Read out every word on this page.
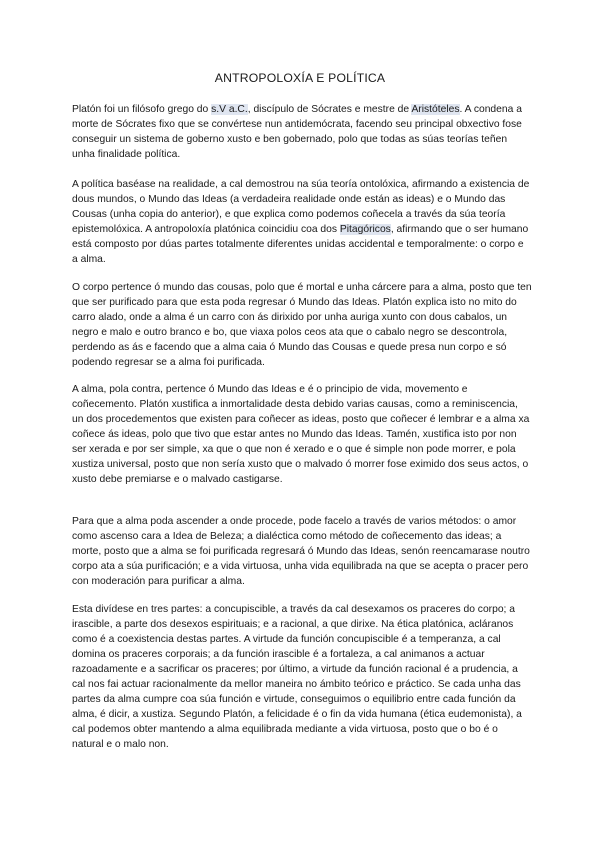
ANTROPOLOXÍA E POLÍTICA

Platón foi un filósofo grego do s.V a.C., discípulo de Sócrates e mestre de Aristóteles. A condena a morte de Sócrates fixo que se convértese nun antidemócrata, facendo seu principal obxectivo fose conseguir un sistema de goberno xusto e ben gobernado, polo que todas as súas teorías teñen unha finalidade política.

A política baséase na realidade, a cal demostrou na súa teoría ontolóxica, afirmando a existencia de dous mundos, o Mundo das Ideas (a verdadeira realidade onde están as ideas) e o Mundo das Cousas (unha copia do anterior), e que explica como podemos coñecela a través da súa teoría epistemolóxica. A antropoloxía platónica coincidiu coa dos Pitagóricos, afirmando que o ser humano está composto por dúas partes totalmente diferentes unidas accidental e temporalmente: o corpo e a alma.

O corpo pertence ó mundo das cousas, polo que é mortal e unha cárcere para a alma, posto que ten que ser purificado para que esta poda regresar ó Mundo das Ideas. Platón explica isto no mito do carro alado, onde a alma é un carro con ás dirixido por unha auriga xunto con dous cabalos, un negro e malo e outro branco e bo, que viaxa polos ceos ata que o cabalo negro se descontrola, perdendo as ás e facendo que a alma caia ó Mundo das Cousas e quede presa nun corpo e só podendo regresar se a alma foi purificada.

A alma, pola contra, pertence ó Mundo das Ideas e é o principio de vida, movemento e coñecemento. Platón xustifica a inmortalidade desta debido varias causas, como a reminiscencia, un dos procedementos que existen para coñecer as ideas, posto que coñecer é lembrar e a alma xa coñece ás ideas, polo que tivo que estar antes no Mundo das Ideas. Tamén, xustifica isto por non ser xerada e por ser simple, xa que o que non é xerado e o que é simple non pode morrer, e pola xustiza universal, posto que non sería xusto que o malvado ó morrer fose eximido dos seus actos, o xusto debe premiarse e o malvado castigarse.

Para que a alma poda ascender a onde procede, pode facelo a través de varios métodos: o amor como ascenso cara a Idea de Beleza; a dialéctica como método de coñecemento das ideas; a morte, posto que a alma se foi purificada regresará ó Mundo das Ideas, senón reencamarase noutro corpo ata a súa purificación; e a vida virtuosa, unha vida equilibrada na que se acepta o pracer pero con moderación para purificar a alma.

Esta divídese en tres partes: a concupiscible, a través da cal desexamos os praceres do corpo; a irascible, a parte dos desexos espirituais; e a racional, a que dirixe. Na ética platónica, acláranos como é a coexistencia destas partes. A virtude da función concupiscible é a temperanza, a cal domina os praceres corporais; a da función irascible é a fortaleza, a cal animanos a actuar razoadamente e a sacrificar os praceres; por último, a virtude da función racional é a prudencia, a cal nos fai actuar racionalmente da mellor maneira no ámbito teórico e práctico. Se cada unha das partes da alma cumpre coa súa función e virtude, conseguimos o equilibrio entre cada función da alma, é dicir, a xustiza. Segundo Platón, a felicidade é o fin da vida humana (ética eudemonista), a cal podemos obter mantendo a alma equilibrada mediante a vida virtuosa, posto que o bo é o natural e o malo non.
